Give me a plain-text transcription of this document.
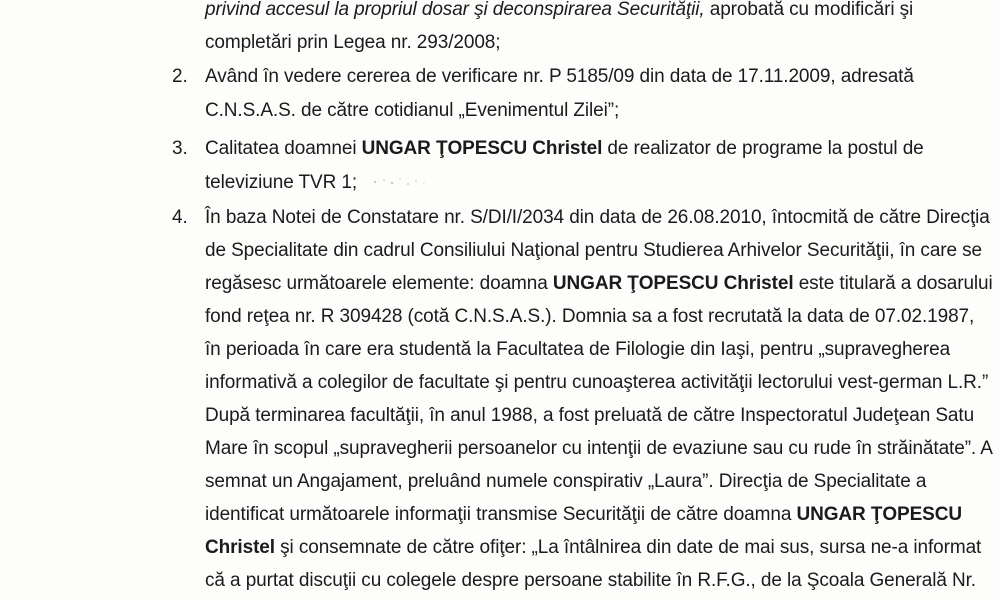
privind accesul la propriul dosar şi deconspirarea Securităţii, aprobată cu modificări şi
completări prin Legea nr. 293/2008;
2. Având în vedere cererea de verificare nr. P 5185/09 din data de 17.11.2009, adresată
C.N.S.A.S. de către cotidianul „Evenimentul Zilei”;
3. Calitatea doamnei UNGAR ŢOPESCU Christel de realizator de programe la postul de
televiziune TVR 1;
4. În baza Notei de Constatare nr. S/DI/I/2034 din data de 26.08.2010, întocmită de către Direcţia
de Specialitate din cadrul Consiliului Naţional pentru Studierea Arhivelor Securităţii, în care se
regăsesc următoarele elemente: doamna UNGAR ŢOPESCU Christel este titulară a dosarului
fond reţea nr. R 309428 (cotă C.N.S.A.S.). Domnia sa a fost recrutată la data de 07.02.1987,
în perioada în care era studentă la Facultatea de Filologie din Iaşi, pentru „supravegherea
informativă a colegilor de facultate şi pentru cunoaşterea activităţii lectorului vest-german L.R.”
După terminarea facultăţii, în anul 1988, a fost preluată de către Inspectoratul Judeţean Satu
Mare în scopul „supravegherii persoanelor cu intenţii de evaziune sau cu rude în străinătate”. A
semnat un Angajament, preluând numele conspirativ „Laura”. Direcţia de Specialitate a
identificat următoarele informaţii transmise Securităţii de către doamna UNGAR ŢOPESCU
Christel şi consemnate de către ofiţer: „La întâlnirea din date de mai sus, sursa ne-a informat
că a purtat discuţii cu colegele despre persoane stabilite în R.F.G., de la Şcoala Generală Nr.
